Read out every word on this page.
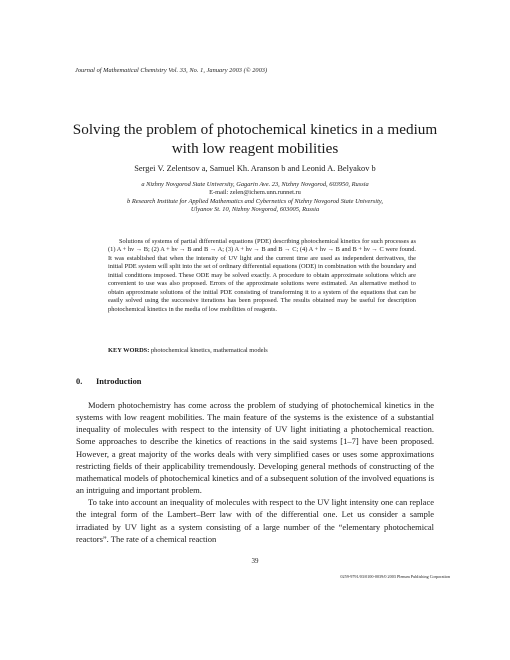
Journal of Mathematical Chemistry Vol. 33, No. 1, January 2003 (© 2003)
Solving the problem of photochemical kinetics in a medium
with low reagent mobilities
Sergei V. Zelentsov a, Samuel Kh. Aranson b and Leonid A. Belyakov b
a Nizhny Novgorod State University, Gagarin Ave. 23, Nizhny Novgorod, 603950, Russia
E-mail: zelen@ichem.unn.runnet.ru
b Research Institute for Applied Mathematics and Cybernetics of Nizhny Novgorod State University,
Ulyanov St. 10, Nizhny Novgorod, 603005, Russia

Solutions of systems of partial differential equations (PDE) describing photochemical kinetics for such processes as (1) A + hν → B; (2) A + hν → B and B → A; (3) A + hν → B and B → C; (4) A + hν → B and B + hν → C were found. It was established that when the intensity of UV light and the current time are used as independent derivatives, the initial PDE system will split into the set of ordinary differential equations (ODE) in combination with the boundary and initial conditions imposed. These ODE may be solved exactly. A procedure to obtain approximate solutions which are convenient to use was also proposed. Errors of the approximate solutions were estimated. An alternative method to obtain approximate solutions of the initial PDE consisting of transforming it to a system of the equations that can be easily solved using the successive iterations has been proposed. The results obtained may be useful for description photochemical kinetics in the media of low mobilities of reagents.

KEY WORDS: photochemical kinetics, mathematical models
0. Introduction

Modern photochemistry has come across the problem of studying of photochemical kinetics in the systems with low reagent mobilities. The main feature of the systems is the existence of a substantial inequality of molecules with respect to the intensity of UV light initiating a photochemical reaction. Some approaches to describe the kinetics of reactions in the said systems [1–7] have been proposed. However, a great majority of the works deals with very simplified cases or uses some approximations restricting fields of their applicability tremendously. Developing general methods of constructing of the mathematical models of photochemical kinetics and of a subsequent solution of the involved equations is an intriguing and important problem.

To take into account an inequality of molecules with respect to the UV light intensity one can replace the integral form of the Lambert–Berr law with of the differential one. Let us consider a sample irradiated by UV light as a system consisting of a large number of the “elementary photochemical reactors”. The rate of a chemical reaction

39
0259-9791/03/0100-0039/0 2003 Plenum Publishing Corporation
